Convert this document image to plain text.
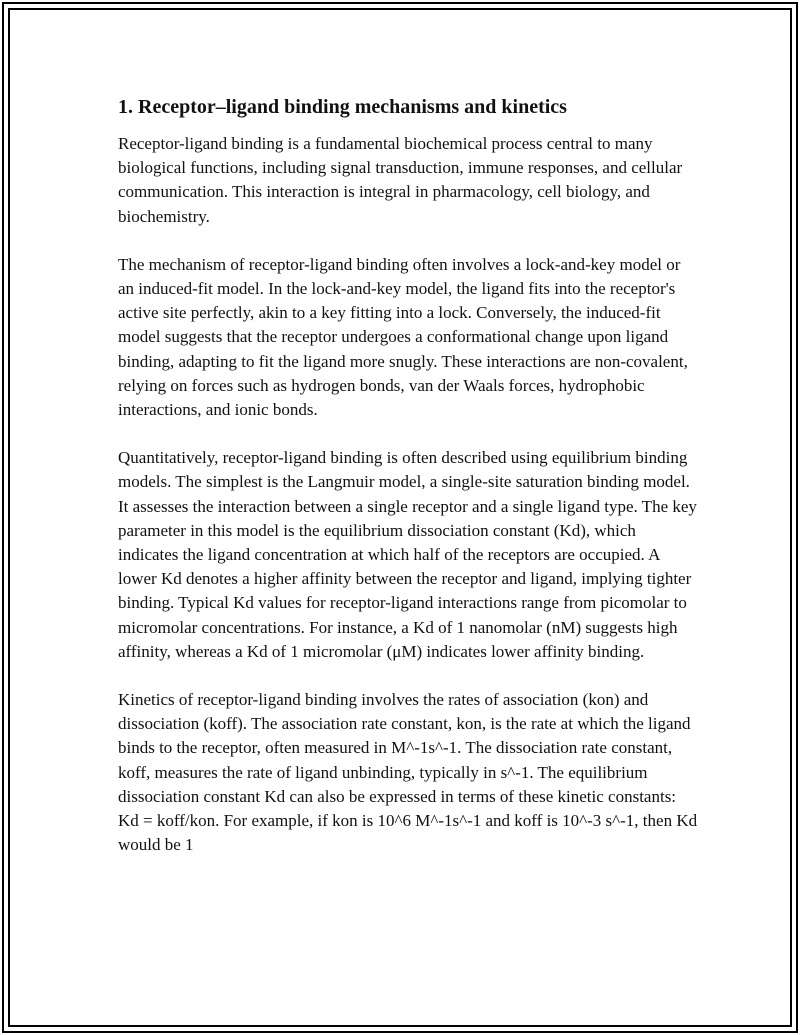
1. Receptor–ligand binding mechanisms and kinetics

Receptor-ligand binding is a fundamental biochemical process central to many biological functions, including signal transduction, immune responses, and cellular communication. This interaction is integral in pharmacology, cell biology, and biochemistry.

The mechanism of receptor-ligand binding often involves a lock-and-key model or an induced-fit model. In the lock-and-key model, the ligand fits into the receptor's active site perfectly, akin to a key fitting into a lock. Conversely, the induced-fit model suggests that the receptor undergoes a conformational change upon ligand binding, adapting to fit the ligand more snugly. These interactions are non-covalent, relying on forces such as hydrogen bonds, van der Waals forces, hydrophobic interactions, and ionic bonds.

Quantitatively, receptor-ligand binding is often described using equilibrium binding models. The simplest is the Langmuir model, a single-site saturation binding model. It assesses the interaction between a single receptor and a single ligand type. The key parameter in this model is the equilibrium dissociation constant (Kd), which indicates the ligand concentration at which half of the receptors are occupied. A lower Kd denotes a higher affinity between the receptor and ligand, implying tighter binding. Typical Kd values for receptor-ligand interactions range from picomolar to micromolar concentrations. For instance, a Kd of 1 nanomolar (nM) suggests high affinity, whereas a Kd of 1 micromolar (μM) indicates lower affinity binding.

Kinetics of receptor-ligand binding involves the rates of association (kon) and dissociation (koff). The association rate constant, kon, is the rate at which the ligand binds to the receptor, often measured in M^-1s^-1. The dissociation rate constant, koff, measures the rate of ligand unbinding, typically in s^-1. The equilibrium dissociation constant Kd can also be expressed in terms of these kinetic constants: Kd = koff/kon. For example, if kon is 10^6 M^-1s^-1 and koff is 10^-3 s^-1, then Kd would be 1
